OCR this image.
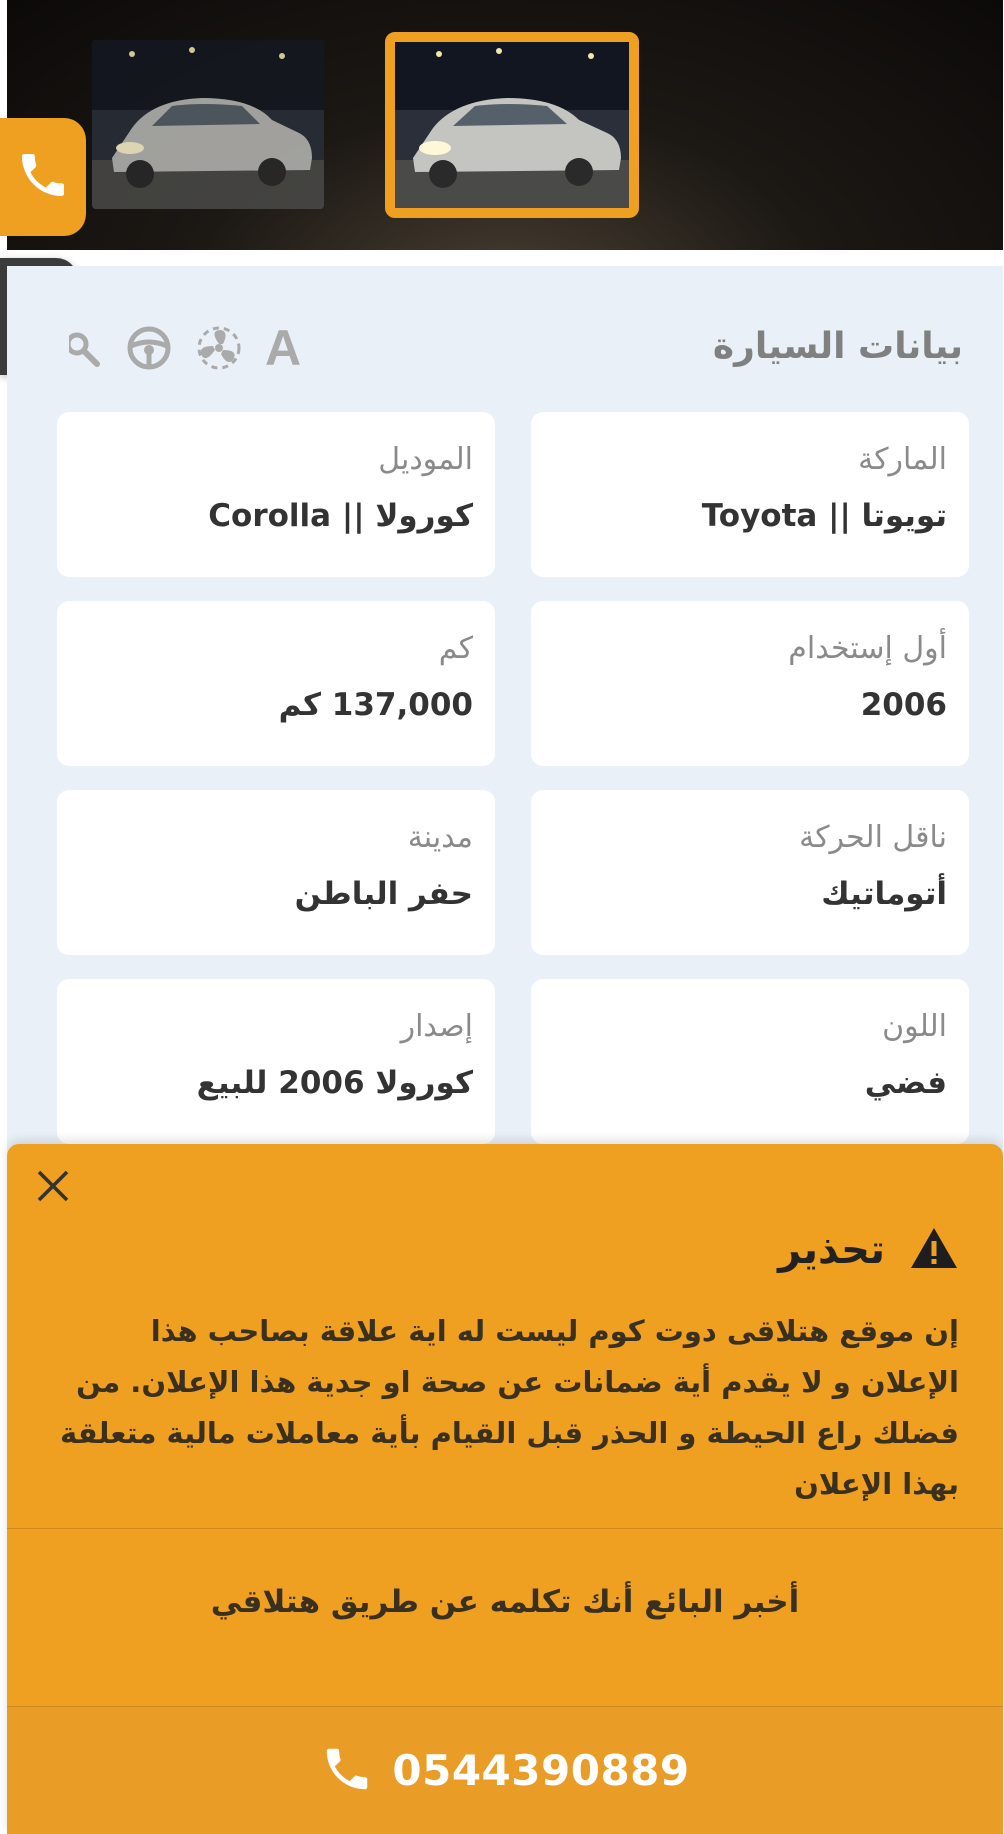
بيانات السيارة
A
الماركة
تويوتا || Toyota
الموديل
كورولا || Corolla
أول إستخدام
2006
كم
137,000 كم
ناقل الحركة
أتوماتيك
مدينة
حفر الباطن
اللون
فضي
إصدار
كورولا 2006 للبيع
تحذير
إن موقع هتلاقى دوت كوم ليست له اية علاقة بصاحب هذا الإعلان و لا يقدم أية ضمانات عن صحة او جدية هذا الإعلان. من فضلك راع الحيطة و الحذر قبل القيام بأية معاملات مالية متعلقة بهذا الإعلان
أخبر البائع أنك تكلمه عن طريق هتلاقي
0544390889
